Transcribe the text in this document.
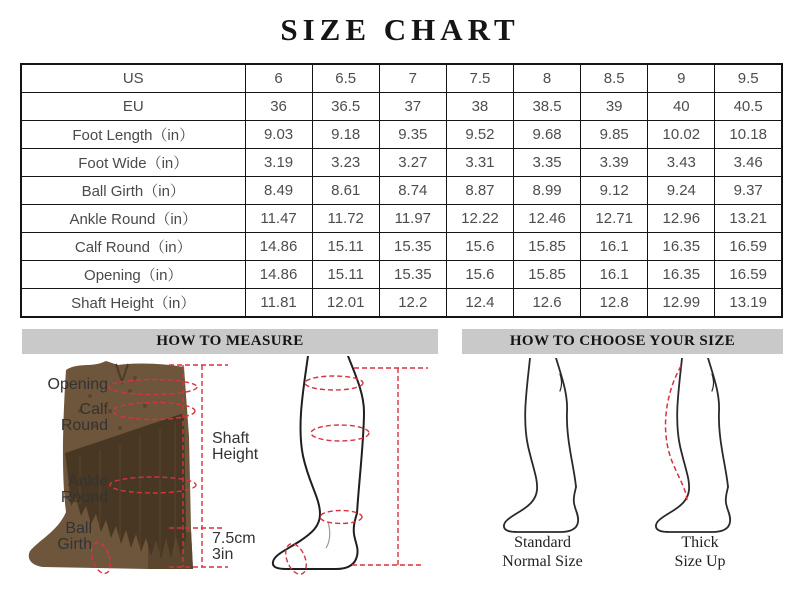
SIZE CHART
US	6	6.5	7	7.5	8	8.5	9	9.5
EU	36	36.5	37	38	38.5	39	40	40.5
Foot Length（in）	9.03	9.18	9.35	9.52	9.68	9.85	10.02	10.18
Foot Wide（in）	3.19	3.23	3.27	3.31	3.35	3.39	3.43	3.46
Ball Girth（in）	8.49	8.61	8.74	8.87	8.99	9.12	9.24	9.37
Ankle Round（in）	11.47	11.72	11.97	12.22	12.46	12.71	12.96	13.21
Calf Round（in）	14.86	15.11	15.35	15.6	15.85	16.1	16.35	16.59
Opening（in）	14.86	15.11	15.35	15.6	15.85	16.1	16.35	16.59
Shaft Height（in）	11.81	12.01	12.2	12.4	12.6	12.8	12.99	13.19
HOW TO MEASURE	HOW TO CHOOSE YOUR SIZE
Opening
Calf
Round
Ankle
Round
Ball
Girth
Shaft
Height
7.5cm
3in
Standard
Normal Size
Thick
Size Up
